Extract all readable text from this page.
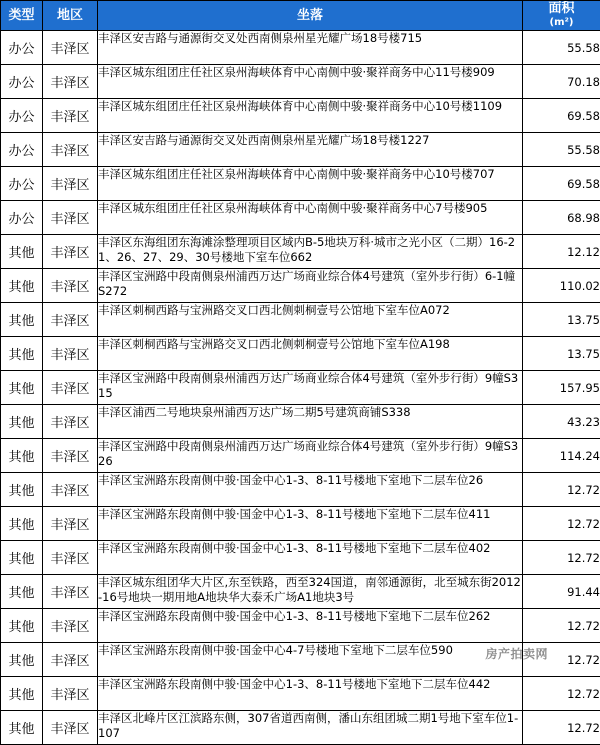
类型	地区	坐落	面积
(m²)
办公	丰泽区	丰泽区安吉路与通源街交叉处西南侧泉州星光耀广场18号楼715	55.58
办公	丰泽区	丰泽区城东组团庄任社区泉州海峡体育中心南侧中骏·聚祥商务中心11号楼909	70.18
办公	丰泽区	丰泽区城东组团庄任社区泉州海峡体育中心南侧中骏·聚祥商务中心10号楼1109	69.58
办公	丰泽区	丰泽区安吉路与通源街交叉处西南侧泉州星光耀广场18号楼1227	55.58
办公	丰泽区	丰泽区城东组团庄任社区泉州海峡体育中心南侧中骏·聚祥商务中心10号楼707	69.58
办公	丰泽区	丰泽区城东组团庄任社区泉州海峡体育中心南侧中骏·聚祥商务中心7号楼905	68.98
其他	丰泽区	丰泽区东海组团东海滩涂整理项目区域内B-5地块万科·城市之光小区（二期）16-21、26、27、29、30号楼地下室车位662	12.12
其他	丰泽区	丰泽区宝洲路中段南侧泉州浦西万达广场商业综合体4号建筑（室外步行街）6-1幢S272	110.02
其他	丰泽区	丰泽区刺桐西路与宝洲路交叉口西北侧刺桐壹号公馆地下室车位A072	13.75
其他	丰泽区	丰泽区刺桐西路与宝洲路交叉口西北侧刺桐壹号公馆地下室车位A198	13.75
其他	丰泽区	丰泽区宝洲路中段南侧泉州浦西万达广场商业综合体4号建筑（室外步行街）9幢S315	157.95
其他	丰泽区	丰泽区浦西二号地块泉州浦西万达广场二期5号建筑商铺S338	43.23
其他	丰泽区	丰泽区宝洲路中段南侧泉州浦西万达广场商业综合体4号建筑（室外步行街）9幢S326	114.24
其他	丰泽区	丰泽区宝洲路东段南侧中骏·国金中心1-3、8-11号楼地下室地下二层车位26	12.72
其他	丰泽区	丰泽区宝洲路东段南侧中骏·国金中心1-3、8-11号楼地下室地下二层车位411	12.72
其他	丰泽区	丰泽区宝洲路东段南侧中骏·国金中心1-3、8-11号楼地下室地下二层车位402	12.72
其他	丰泽区	丰泽区城东组团华大片区,东至铁路，西至324国道，南邻通源街，北至城东街2012-16号地块一期用地A地块华大泰禾广场A1地块3号	91.44
其他	丰泽区	丰泽区宝洲路东段南侧中骏·国金中心1-3、8-11号楼地下室地下二层车位262	12.72
其他	丰泽区	丰泽区宝洲路东段南侧中骏·国金中心4-7号楼地下室地下二层车位590	12.72
其他	丰泽区	丰泽区宝洲路东段南侧中骏·国金中心1-3、8-11号楼地下室地下二层车位442	12.72
其他	丰泽区	丰泽区北峰片区江滨路东侧，307省道西南侧，潘山东组团城二期1号地下室车位1-107	12.72
房产拍卖网
